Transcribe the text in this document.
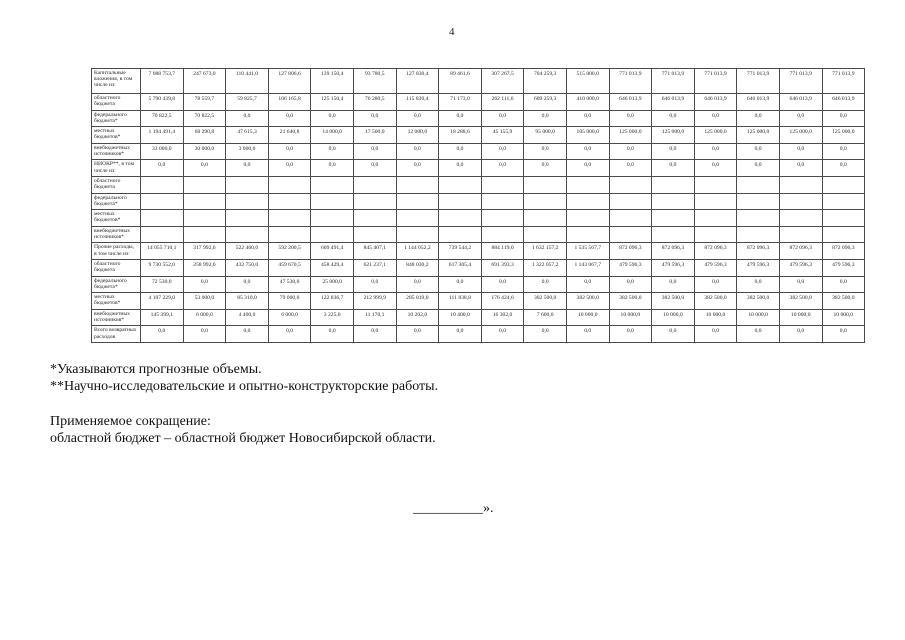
4
Капитальные вложения, в том числе из:	7 088 753,7	247 673,0	110 441,0	127 806,6	139 150,4	93 780,5	127 830,4	89 461,6	307 267,5	704 259,3	515 000,0	771 013,9	771 013,9	771 013,9	771 013,9	771 013,9	771 013,9
областного бюджета	5 790 439,8	78 559,7	59 825,7	106 165,8	125 150,4	76 280,5	115 830,4	71 173,0	262 111,6	609 259,3	410 000,0	646 013,9	646 013,9	646 013,9	646 013,9	646 013,9	646 013,9
федерального бюджета*	70 822,5	70 822,5	0,0	0,0	0,0	0,0	0,0	0,0	0,0	0,0	0,0	0,0	0,0	0,0	0,0	0,0	0,0
местных бюджетов*	1 194 491,4	68 290,8	47 615,3	21 640,8	14 000,0	17 500,0	12 000,0	18 288,6	45 155,9	95 000,0	105 000,0	125 000,0	125 000,0	125 000,0	125 000,0	125 000,0	125 000,0
внебюджетных источников*	33 000,0	30 000,0	3 000,0	0,0	0,0	0,0	0,0	0,0	0,0	0,0	0,0	0,0	0,0	0,0	0,0	0,0	0,0
НИОКР**, в том числе из:	0,0	0,0	0,0	0,0	0,0	0,0	0,0	0,0	0,0	0,0	0,0	0,0	0,0	0,0	0,0	0,0	0,0
областного бюджета																	
федерального бюджета*																	
местных бюджетов*																	
внебюджетных источников*																	
Прочие расходы, в том числе из:	14 055 710,1	317 992,6	522 460,0	592 200,5	609 491,4	845 407,1	1 144 052,2	739 544,2	884 119,0	1 632 157,2	1 535 567,7	872 096,3	872 096,3	872 096,3	872 096,3	872 096,3	872 096,3
областного бюджета	9 730 552,0	258 992,6	432 750,0	459 670,5	458 429,4	621 237,1	848 030,2	617 305,4	691 393,3	1 322 057,2	1 143 067,7	479 596,3	479 596,3	479 596,3	479 596,3	479 596,3	479 596,3
федерального бюджета*	72 530,0	0,0	0,0	47 530,0	25 000,0	0,0	0,0	0,0	0,0	0,0	0,0	0,0	0,0	0,0	0,0	0,0	0,0
местных бюджетов*	4 107 229,0	53 000,0	85 310,0	79 000,0	122 836,7	212 999,9	285 819,0	111 838,8	176 424,6	302 500,0	382 500,0	382 500,0	382 500,0	382 500,0	382 500,0	382 500,0	382 500,0
внебюджетных источников*	145 399,1	6 000,0	4 400,0	6 000,0	3 225,0	11 170,1	10 202,0	10 400,0	16 302,0	7 600,0	10 000,0	10 000,0	10 000,0	10 000,0	10 000,0	10 000,0	10 000,0
Всего возвратных расходов	0,0	0,0	0,0	0,0	0,0	0,0	0,0	0,0	0,0	0,0	0,0	0,0	0,0	0,0	0,0	0,0	0,0
*Указываются прогнозные объемы.
**Научно-исследовательские и опытно-конструкторские работы.
Применяемое сокращение:
областной бюджет – областной бюджет Новосибирской области.
__________».
